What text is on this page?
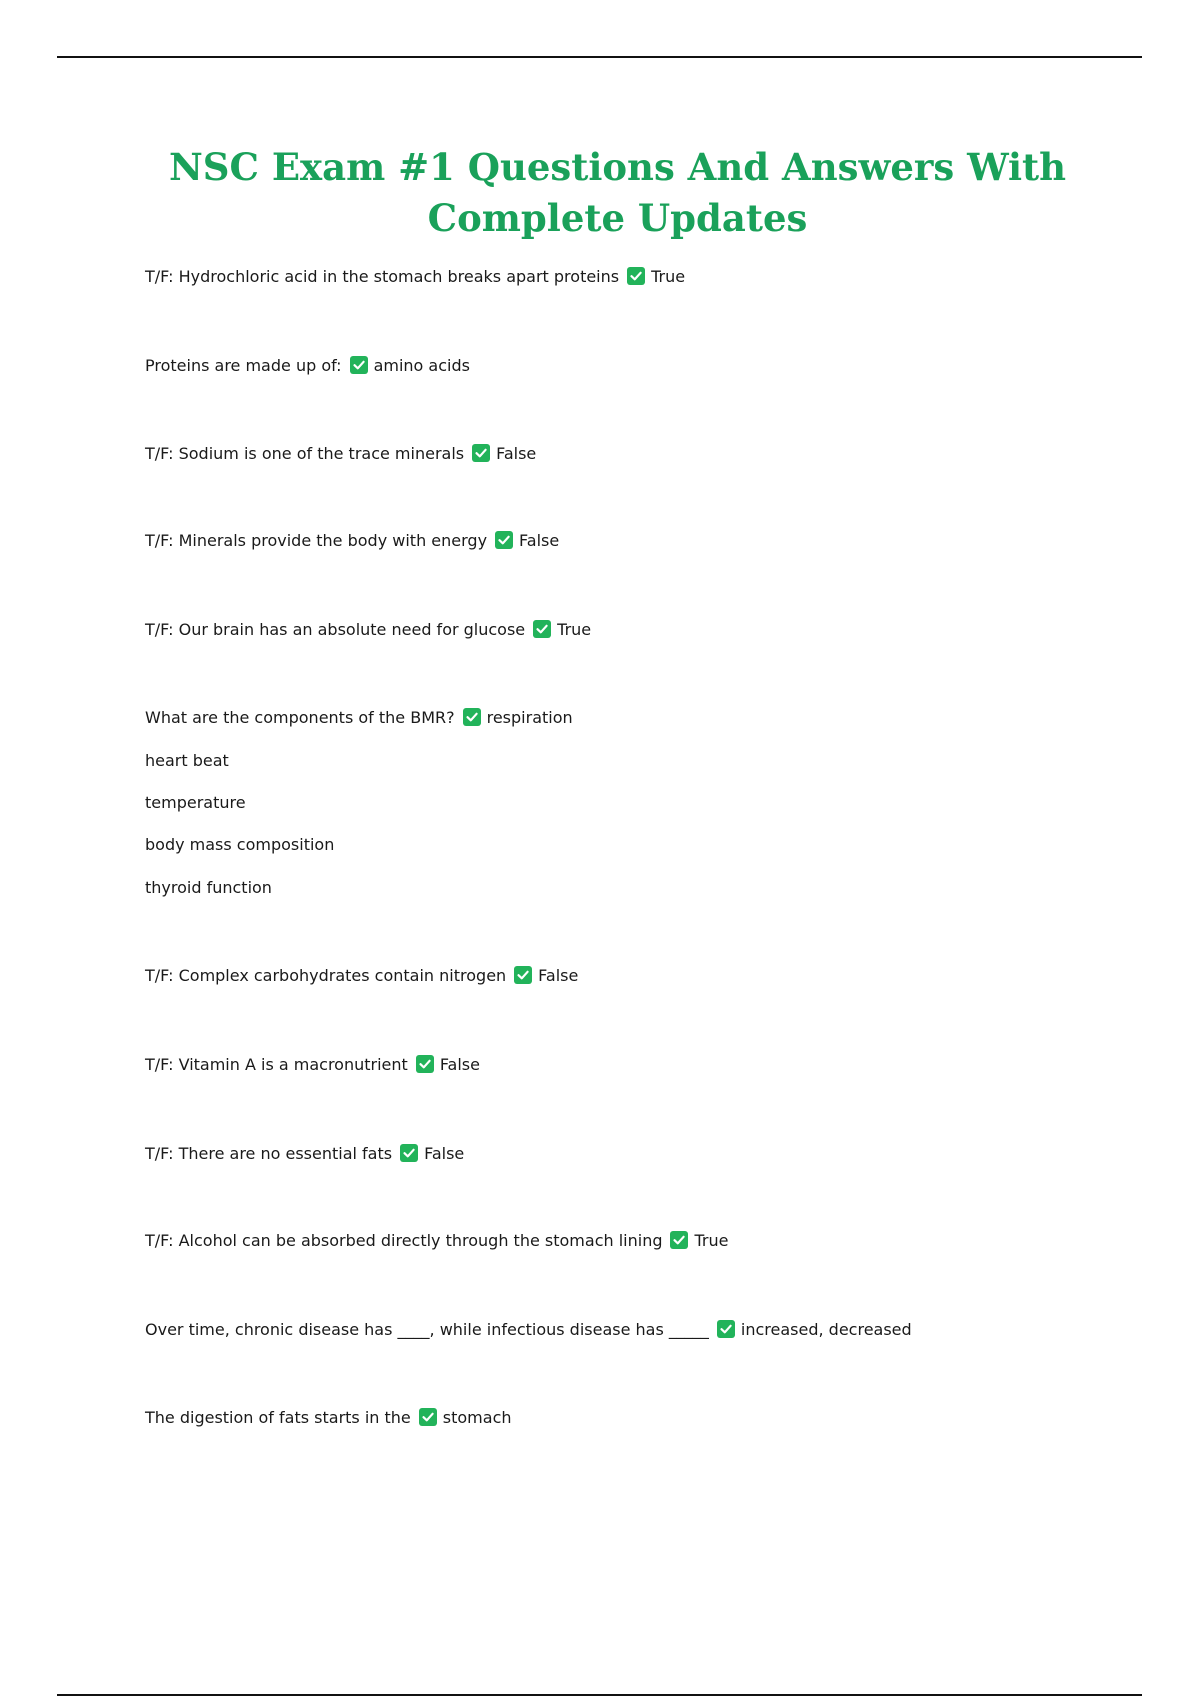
NSC Exam #1 Questions And Answers With Complete Updates

T/F: Hydrochloric acid in the stomach breaks apart proteins True

Proteins are made up of: amino acids

T/F: Sodium is one of the trace minerals False

T/F: Minerals provide the body with energy False

T/F: Our brain has an absolute need for glucose True

What are the components of the BMR? respiration

heart beat

temperature

body mass composition

thyroid function

T/F: Complex carbohydrates contain nitrogen False

T/F: Vitamin A is a macronutrient False

T/F: There are no essential fats False

T/F: Alcohol can be absorbed directly through the stomach lining True

Over time, chronic disease has ____, while infectious disease has _____ increased, decreased

The digestion of fats starts in the stomach
